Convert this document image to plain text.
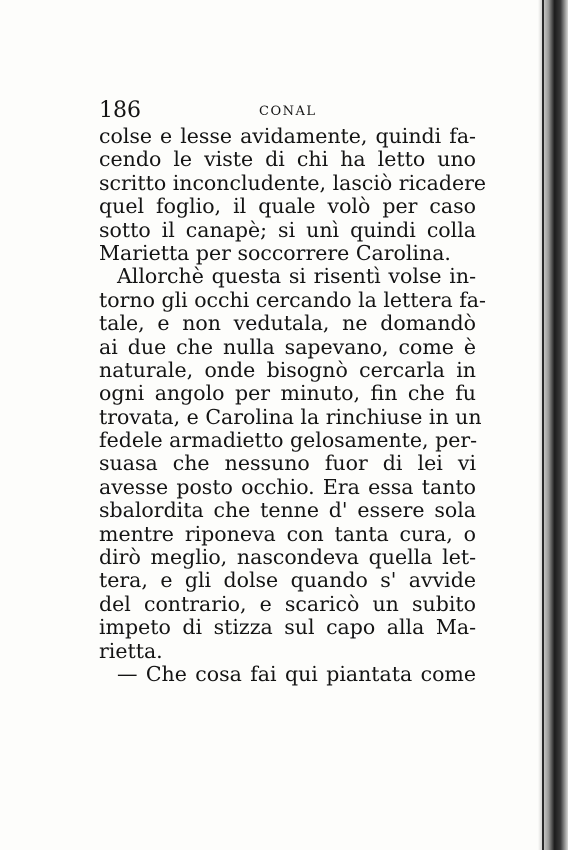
186	CONAL
colse e lesse avidamente, quindi fa-
cendo le viste di chi ha letto uno
scritto inconcludente, lasciò ricadere
quel foglio, il quale volò per caso
sotto il canapè; si unì quindi colla
Marietta per soccorrere Carolina.
Allorchè questa si risentì volse in-
torno gli occhi cercando la lettera fa-
tale, e non vedutala, ne domandò
ai due che nulla sapevano, come è
naturale, onde bisognò cercarla in
ogni angolo per minuto, fin che fu
trovata, e Carolina la rinchiuse in un
fedele armadietto gelosamente, per-
suasa che nessuno fuor di lei vi
avesse posto occhio. Era essa tanto
sbalordita che tenne d' essere sola
mentre riponeva con tanta cura, o
dirò meglio, nascondeva quella let-
tera, e gli dolse quando s' avvide
del contrario, e scaricò un subito
impeto di stizza sul capo alla Ma-
rietta.
— Che cosa fai qui piantata come
